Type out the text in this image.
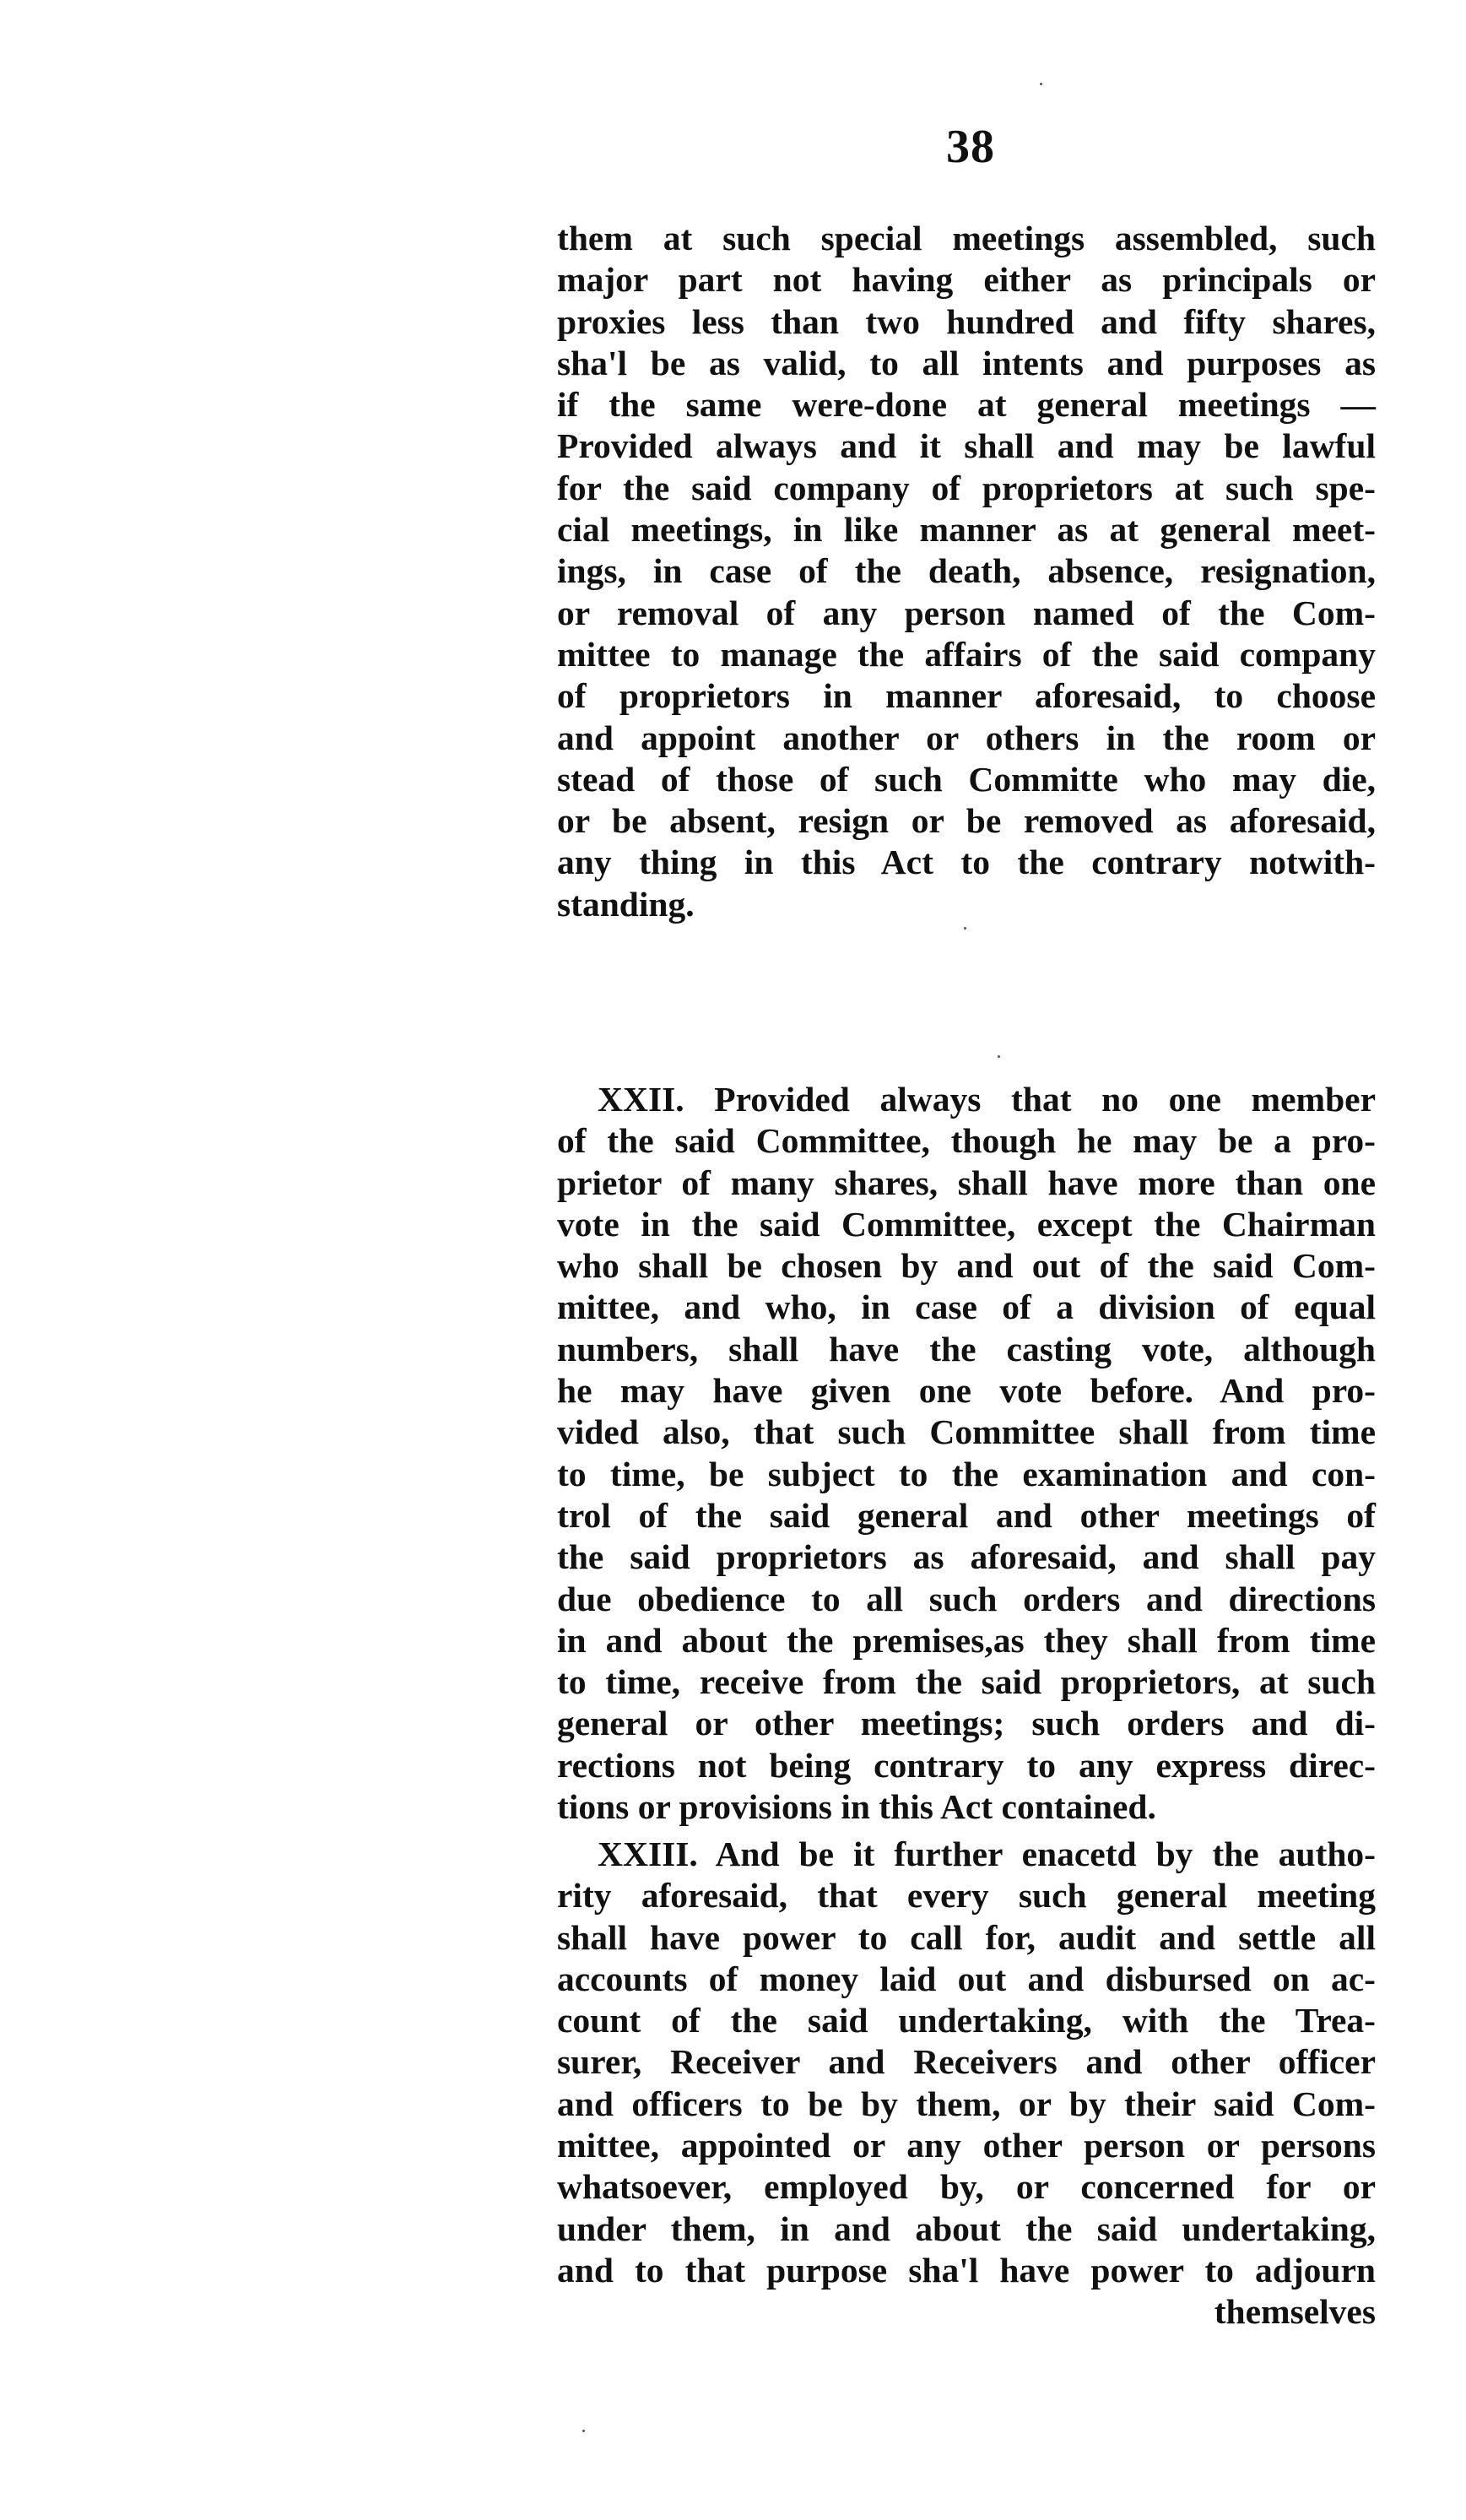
38
them at such special meetings assembled, such
major part not having either as principals or
proxies less than two hundred and fifty shares,
sha'l be as valid, to all intents and purposes as
if the same were-done at general meetings —
Provided always and it shall and may be lawful
for the said company of proprietors at such spe-
cial meetings, in like manner as at general meet-
ings, in case of the death, absence, resignation,
or removal of any person named of the Com-
mittee to manage the affairs of the said company
of proprietors in manner aforesaid, to choose
and appoint another or others in the room or
stead of those of such Committe who may die,
or be absent, resign or be removed as aforesaid,
any thing in this Act to the contrary notwith-
standing.
XXII. Provided always that no one member
of the said Committee, though he may be a pro-
prietor of many shares, shall have more than one
vote in the said Committee, except the Chairman
who shall be chosen by and out of the said Com-
mittee, and who, in case of a division of equal
numbers, shall have the casting vote, although
he may have given one vote before. And pro-
vided also, that such Committee shall from time
to time, be subject to the examination and con-
trol of the said general and other meetings of
the said proprietors as aforesaid, and shall pay
due obedience to all such orders and directions
in and about the premises,as they shall from time
to time, receive from the said proprietors, at such
general or other meetings; such orders and di-
rections not being contrary to any express direc-
tions or provisions in this Act contained.
XXIII. And be it further enacetd by the autho-
rity aforesaid, that every such general meeting
shall have power to call for, audit and settle all
accounts of money laid out and disbursed on ac-
count of the said undertaking, with the Trea-
surer, Receiver and Receivers and other officer
and officers to be by them, or by their said Com-
mittee, appointed or any other person or persons
whatsoever, employed by, or concerned for or
under them, in and about the said undertaking,
and to that purpose sha'l have power to adjourn
themselves
